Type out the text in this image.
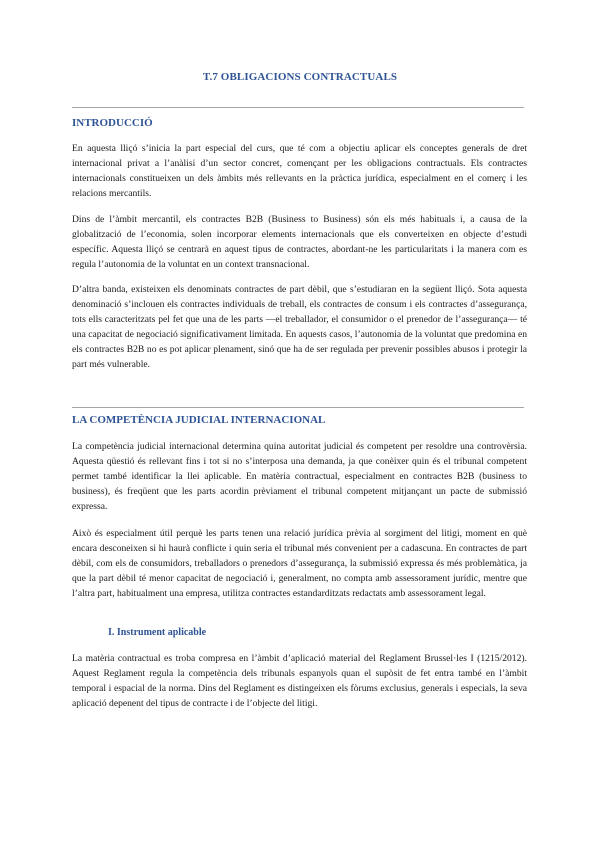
T.7 OBLIGACIONS CONTRACTUALS
INTRODUCCIÓ

En aquesta lliçó s’inicia la part especial del curs, que té com a objectiu aplicar els conceptes generals de dret internacional privat a l’anàlisi d’un sector concret, començant per les obligacions contractuals. Els contractes internacionals constitueixen un dels àmbits més rellevants en la pràctica jurídica, especialment en el comerç i les relacions mercantils.

Dins de l’àmbit mercantil, els contractes B2B (Business to Business) són els més habituals i, a causa de la globalització de l’economia, solen incorporar elements internacionals que els converteixen en objecte d’estudi específic. Aquesta lliçó se centrarà en aquest tipus de contractes, abordant-ne les particularitats i la manera com es regula l’autonomia de la voluntat en un context transnacional.

D’altra banda, existeixen els denominats contractes de part dèbil, que s’estudiaran en la següent lliçó. Sota aquesta denominació s’inclouen els contractes individuals de treball, els contractes de consum i els contractes d’assegurança, tots ells caracteritzats pel fet que una de les parts —el treballador, el consumidor o el prenedor de l’assegurança— té una capacitat de negociació significativament limitada. En aquests casos, l’autonomia de la voluntat que predomina en els contractes B2B no es pot aplicar plenament, sinó que ha de ser regulada per prevenir possibles abusos i protegir la part més vulnerable.

LA COMPETÈNCIA JUDICIAL INTERNACIONAL

La competència judicial internacional determina quina autoritat judicial és competent per resoldre una controvèrsia. Aquesta qüestió és rellevant fins i tot si no s’interposa una demanda, ja que conèixer quin és el tribunal competent permet també identificar la llei aplicable. En matèria contractual, especialment en contractes B2B (business to business), és freqüent que les parts acordin prèviament el tribunal competent mitjançant un pacte de submissió expressa.

Això és especialment útil perquè les parts tenen una relació jurídica prèvia al sorgiment del litigi, moment en què encara desconeixen si hi haurà conflicte i quin seria el tribunal més convenient per a cadascuna. En contractes de part dèbil, com els de consumidors, treballadors o prenedors d’assegurança, la submissió expressa és més problemàtica, ja que la part dèbil té menor capacitat de negociació i, generalment, no compta amb assessorament jurídic, mentre que l’altra part, habitualment una empresa, utilitza contractes estandarditzats redactats amb assessorament legal.

I. Instrument aplicable

La matèria contractual es troba compresa en l’àmbit d’aplicació material del Reglament Brussel·les I (1215/2012). Aquest Reglament regula la competència dels tribunals espanyols quan el supòsit de fet entra també en l’àmbit temporal i espacial de la norma. Dins del Reglament es distingeixen els fòrums exclusius, generals i especials, la seva aplicació depenent del tipus de contracte i de l’objecte del litigi.
